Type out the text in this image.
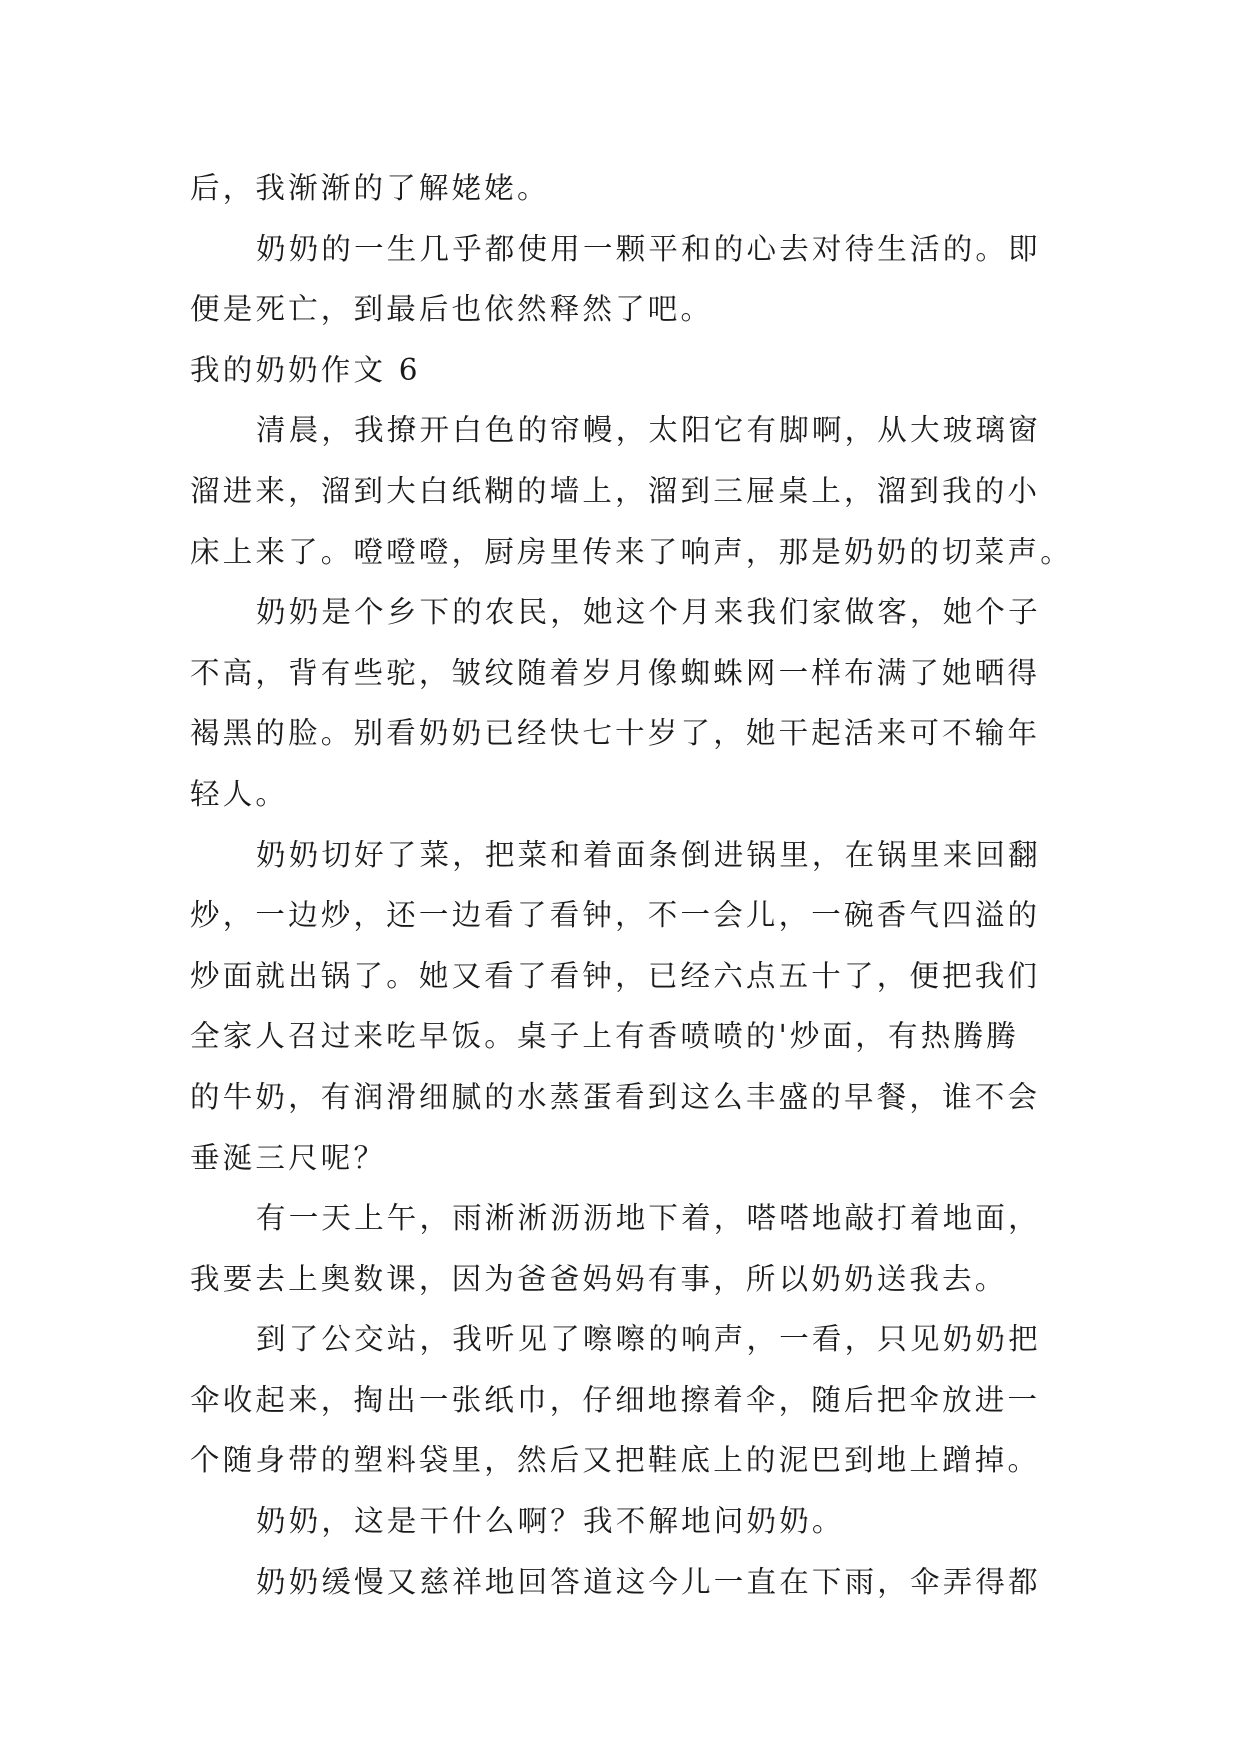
后，我渐渐的了解姥姥。
奶奶的一生几乎都使用一颗平和的心去对待生活的。即
便是死亡，到最后也依然释然了吧。
我的奶奶作文 6
清晨，我撩开白色的帘幔，太阳它有脚啊，从大玻璃窗
溜进来，溜到大白纸糊的墙上，溜到三屉桌上，溜到我的小
床上来了。噔噔噔，厨房里传来了响声，那是奶奶的切菜声。
奶奶是个乡下的农民，她这个月来我们家做客，她个子
不高，背有些驼，皱纹随着岁月像蜘蛛网一样布满了她晒得
褐黑的脸。别看奶奶已经快七十岁了，她干起活来可不输年
轻人。
奶奶切好了菜，把菜和着面条倒进锅里，在锅里来回翻
炒，一边炒，还一边看了看钟，不一会儿，一碗香气四溢的
炒面就出锅了。她又看了看钟，已经六点五十了，便把我们
全家人召过来吃早饭。桌子上有香喷喷的'炒面，有热腾腾
的牛奶，有润滑细腻的水蒸蛋看到这么丰盛的早餐，谁不会
垂涎三尺呢？
有一天上午，雨淅淅沥沥地下着，嗒嗒地敲打着地面，
我要去上奥数课，因为爸爸妈妈有事，所以奶奶送我去。
到了公交站，我听见了嚓嚓的响声，一看，只见奶奶把
伞收起来，掏出一张纸巾，仔细地擦着伞，随后把伞放进一
个随身带的塑料袋里，然后又把鞋底上的泥巴到地上蹭掉。
奶奶，这是干什么啊？我不解地问奶奶。
奶奶缓慢又慈祥地回答道这今儿一直在下雨，伞弄得都
